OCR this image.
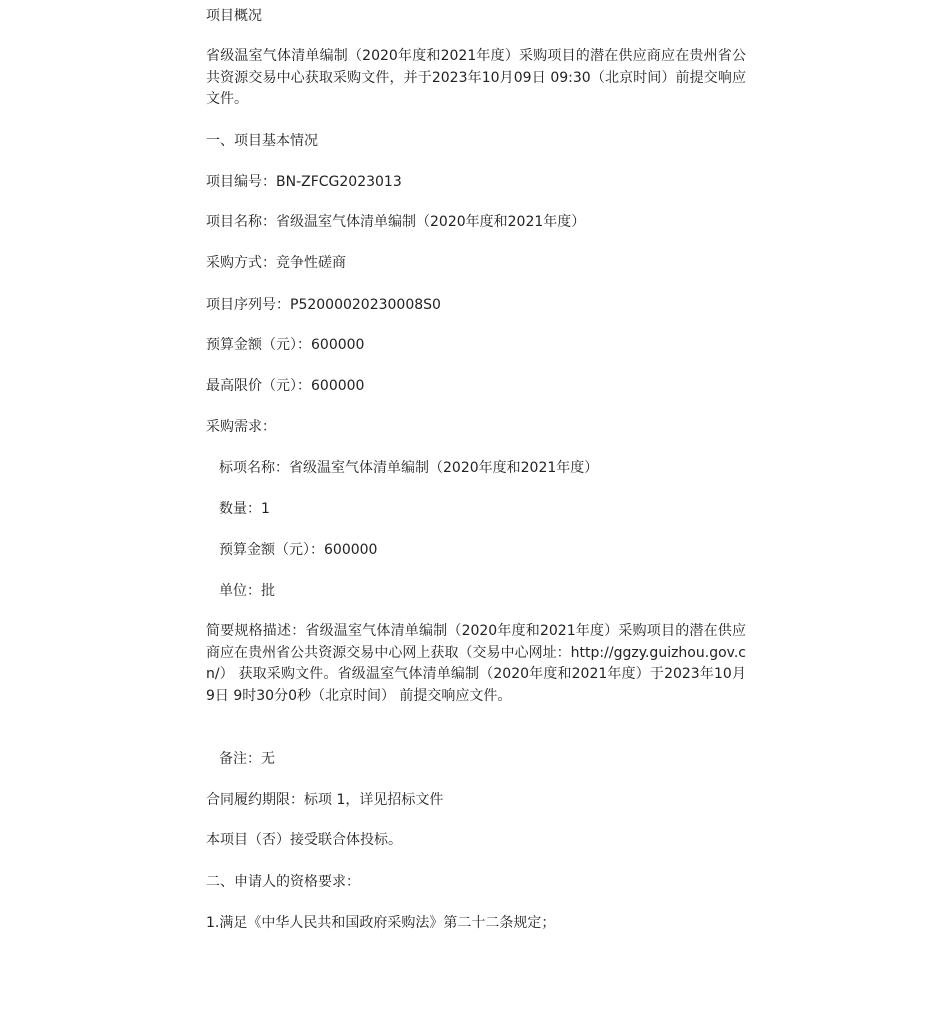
项目概况
省级温室气体清单编制（2020年度和2021年度）采购项目的潜在供应商应在贵州省公共资源交易中心获取采购文件，并于2023年10月09日 09:30（北京时间）前提交响应文件。
一、项目基本情况
项目编号：BN-ZFCG2023013
项目名称：省级温室气体清单编制（2020年度和2021年度）
采购方式：竞争性磋商
项目序列号：P52000020230008S0
预算金额（元）：600000
最高限价（元）：600000
采购需求：
标项名称：省级温室气体清单编制（2020年度和2021年度）
数量：1
预算金额（元）：600000
单位：批
简要规格描述：省级温室气体清单编制（2020年度和2021年度）采购项目的潜在供应商应在贵州省公共资源交易中心网上获取（交易中心网址：http://ggzy.guizhou.gov.cn/） 获取采购文件。省级温室气体清单编制（2020年度和2021年度）于2023年10月9日 9时30分0秒（北京时间） 前提交响应文件。
备注：无
合同履约期限：标项 1，详见招标文件
本项目（否）接受联合体投标。
二、申请人的资格要求：
1.满足《中华人民共和国政府采购法》第二十二条规定；
